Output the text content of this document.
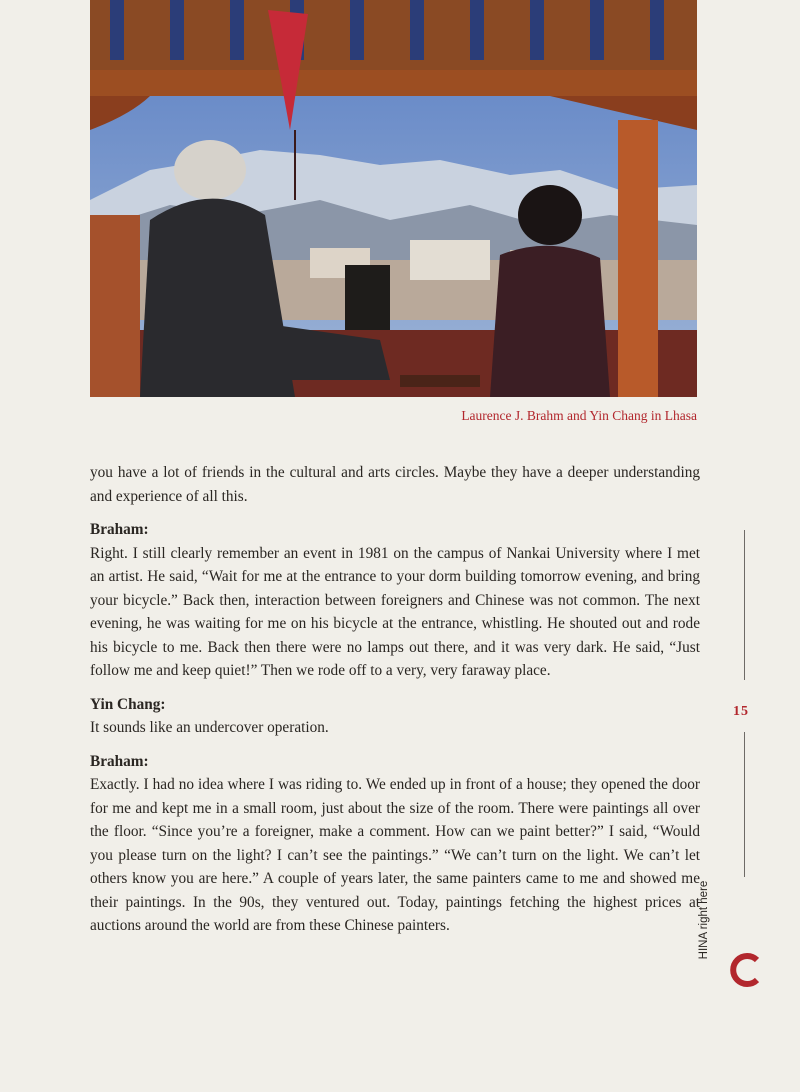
Laurence J. Brahm and Yin Chang in Lhasa

you have a lot of friends in the cultural and arts circles. Maybe they have a deeper understanding and experience of all this.

Braham:
Right. I still clearly remember an event in 1981 on the campus of Nankai University where I met an artist. He said, “Wait for me at the entrance to your dorm building tomorrow evening, and bring your bicycle.” Back then, interaction between foreigners and Chinese was not common. The next evening, he was waiting for me on his bicycle at the entrance, whistling. He shouted out and rode his bicycle to me. Back then there were no lamps out there, and it was very dark. He said, “Just follow me and keep quiet!” Then we rode off to a very, very faraway place.

Yin Chang:
It sounds like an undercover operation.

Braham:
Exactly. I had no idea where I was riding to. We ended up in front of a house; they opened the door for me and kept me in a small room, just about the size of the room. There were paintings all over the floor. “Since you’re a foreigner, make a comment. How can we paint better?” I said, “Would you please turn on the light? I can’t see the paintings.” “We can’t turn on the light. We can’t let others know you are here.” A couple of years later, the same painters came to me and showed me their paintings. In the 90s, they ventured out. Today, paintings fetching the highest prices at auctions around the world are from these Chinese painters.

15
HINA right here
